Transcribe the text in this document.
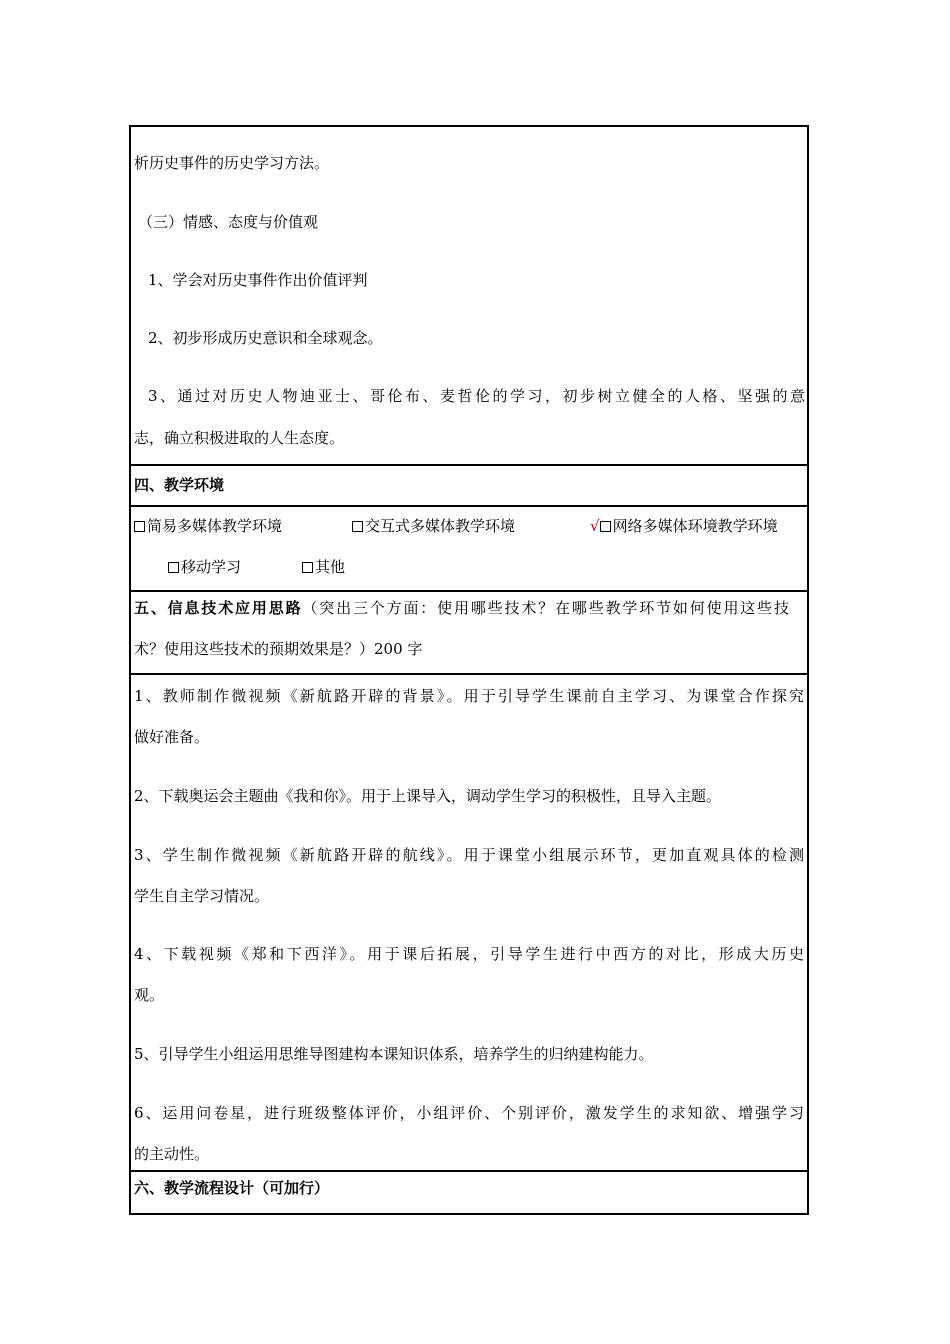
析历史事件的历史学习方法。
（三）情感、态度与价值观
1、学会对历史事件作出价值评判
2、初步形成历史意识和全球观念。
3、通过对历史人物迪亚士、哥伦布、麦哲伦的学习，初步树立健全的人格、坚强的意
志，确立积极进取的人生态度。
四、教学环境
简易多媒体教学环境	交互式多媒体教学环境	√ 网络多媒体环境教学环境
移动学习	其他
五、信息技术应用思路（突出三个方面：使用哪些技术？在哪些教学环节如何使用这些技
术？使用这些技术的预期效果是？）200 字
1、教师制作微视频《新航路开辟的背景》。用于引导学生课前自主学习、为课堂合作探究
做好准备。
2、下载奥运会主题曲《我和你》。用于上课导入，调动学生学习的积极性，且导入主题。
3、学生制作微视频《新航路开辟的航线》。用于课堂小组展示环节，更加直观具体的检测
学生自主学习情况。
4、下载视频《郑和下西洋》。用于课后拓展，引导学生进行中西方的对比，形成大历史
观。
5、引导学生小组运用思维导图建构本课知识体系，培养学生的归纳建构能力。
6、运用问卷星，进行班级整体评价，小组评价、个别评价，激发学生的求知欲、增强学习
的主动性。
六、教学流程设计（可加行）
